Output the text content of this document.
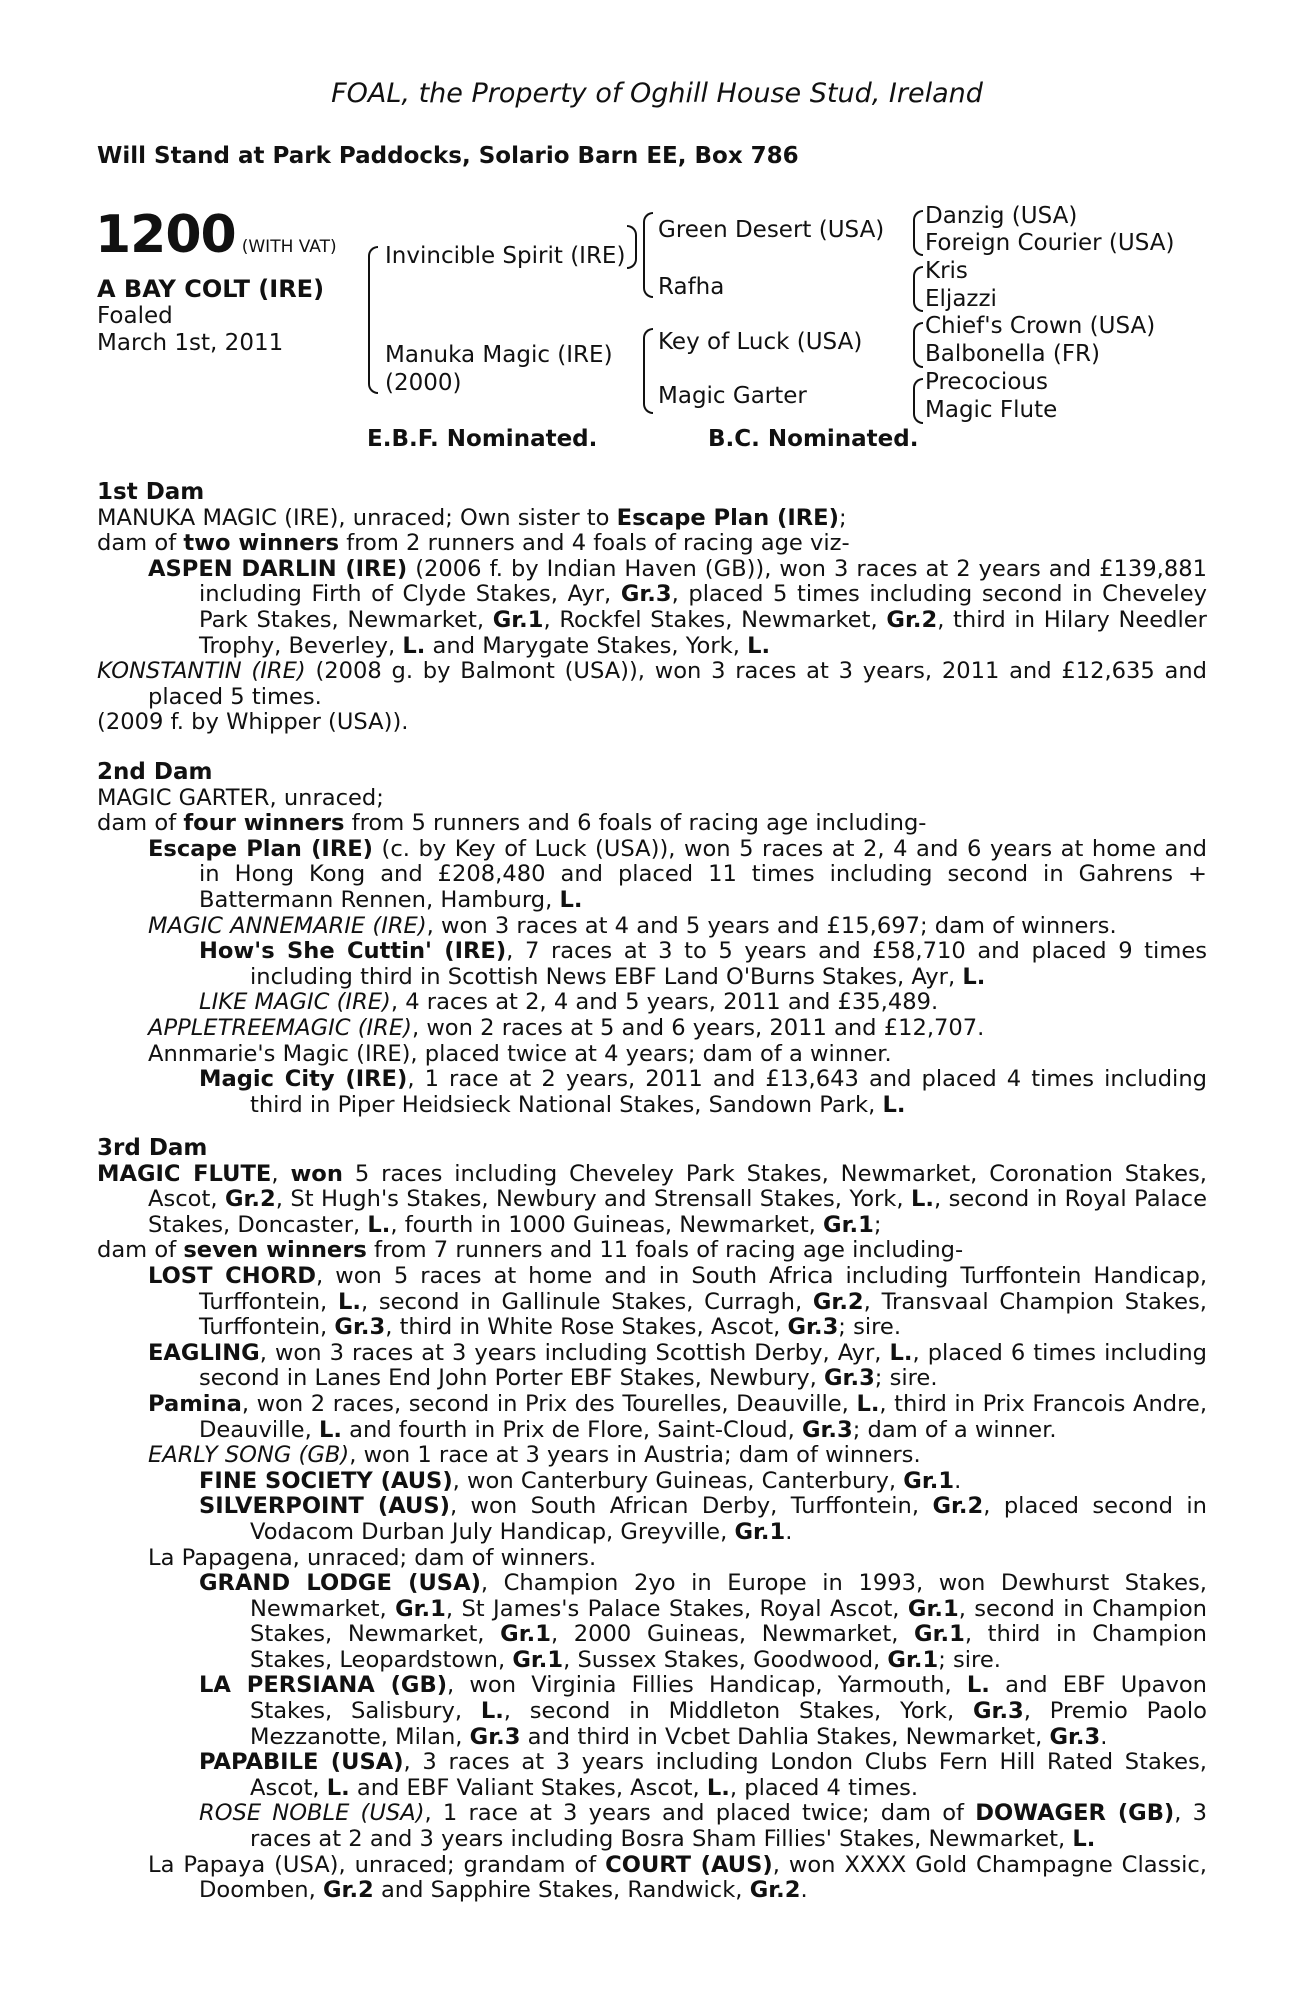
FOAL, the Property of Oghill House Stud, Ireland
Will Stand at Park Paddocks, Solario Barn EE, Box 786
1200 (WITH VAT)
A BAY COLT (IRE)
Foaled
March 1st, 2011
Invincible Spirit (IRE)
Manuka Magic (IRE)
(2000)
Green Desert (USA)
Rafha
Key of Luck (USA)
Magic Garter
Danzig (USA)
Foreign Courier (USA)
Kris
Eljazzi
Chief's Crown (USA)
Balbonella (FR)
Precocious
Magic Flute
E.B.F. Nominated.	B.C. Nominated.
1st Dam

MANUKA MAGIC (IRE), unraced; Own sister to Escape Plan (IRE);

dam of two winners from 2 runners and 4 foals of racing age viz-

ASPEN DARLIN (IRE) (2006 f. by Indian Haven (GB)), won 3 races at 2 years and £139,881 including Firth of Clyde Stakes, Ayr, Gr.3, placed 5 times including second in Cheveley Park Stakes, Newmarket, Gr.1, Rockfel Stakes, Newmarket, Gr.2, third in Hilary Needler Trophy, Beverley, L. and Marygate Stakes, York, L.

KONSTANTIN (IRE) (2008 g. by Balmont (USA)), won 3 races at 3 years, 2011 and £12,635 and placed 5 times.

(2009 f. by Whipper (USA)).

2nd Dam

MAGIC GARTER, unraced;

dam of four winners from 5 runners and 6 foals of racing age including-

Escape Plan (IRE) (c. by Key of Luck (USA)), won 5 races at 2, 4 and 6 years at home and in Hong Kong and £208,480 and placed 11 times including second in Gahrens + Battermann Rennen, Hamburg, L.

MAGIC ANNEMARIE (IRE), won 3 races at 4 and 5 years and £15,697; dam of winners.

How's She Cuttin' (IRE), 7 races at 3 to 5 years and £58,710 and placed 9 times including third in Scottish News EBF Land O'Burns Stakes, Ayr, L.

LIKE MAGIC (IRE), 4 races at 2, 4 and 5 years, 2011 and £35,489.

APPLETREEMAGIC (IRE), won 2 races at 5 and 6 years, 2011 and £12,707.

Annmarie's Magic (IRE), placed twice at 4 years; dam of a winner.

Magic City (IRE), 1 race at 2 years, 2011 and £13,643 and placed 4 times including third in Piper Heidsieck National Stakes, Sandown Park, L.

3rd Dam

MAGIC FLUTE, won 5 races including Cheveley Park Stakes, Newmarket, Coronation Stakes, Ascot, Gr.2, St Hugh's Stakes, Newbury and Strensall Stakes, York, L., second in Royal Palace Stakes, Doncaster, L., fourth in 1000 Guineas, Newmarket, Gr.1;

dam of seven winners from 7 runners and 11 foals of racing age including-

LOST CHORD, won 5 races at home and in South Africa including Turffontein Handicap, Turffontein, L., second in Gallinule Stakes, Curragh, Gr.2, Transvaal Champion Stakes, Turffontein, Gr.3, third in White Rose Stakes, Ascot, Gr.3; sire.

EAGLING, won 3 races at 3 years including Scottish Derby, Ayr, L., placed 6 times including second in Lanes End John Porter EBF Stakes, Newbury, Gr.3; sire.

Pamina, won 2 races, second in Prix des Tourelles, Deauville, L., third in Prix Francois Andre, Deauville, L. and fourth in Prix de Flore, Saint-Cloud, Gr.3; dam of a winner.

EARLY SONG (GB), won 1 race at 3 years in Austria; dam of winners.

FINE SOCIETY (AUS), won Canterbury Guineas, Canterbury, Gr.1.

SILVERPOINT (AUS), won South African Derby, Turffontein, Gr.2, placed second in Vodacom Durban July Handicap, Greyville, Gr.1.

La Papagena, unraced; dam of winners.

GRAND LODGE (USA), Champion 2yo in Europe in 1993, won Dewhurst Stakes, Newmarket, Gr.1, St James's Palace Stakes, Royal Ascot, Gr.1, second in Champion Stakes, Newmarket, Gr.1, 2000 Guineas, Newmarket, Gr.1, third in Champion Stakes, Leopardstown, Gr.1, Sussex Stakes, Goodwood, Gr.1; sire.

LA PERSIANA (GB), won Virginia Fillies Handicap, Yarmouth, L. and EBF Upavon Stakes, Salisbury, L., second in Middleton Stakes, York, Gr.3, Premio Paolo Mezzanotte, Milan, Gr.3 and third in Vcbet Dahlia Stakes, Newmarket, Gr.3.

PAPABILE (USA), 3 races at 3 years including London Clubs Fern Hill Rated Stakes, Ascot, L. and EBF Valiant Stakes, Ascot, L., placed 4 times.

ROSE NOBLE (USA), 1 race at 3 years and placed twice; dam of DOWAGER (GB), 3 races at 2 and 3 years including Bosra Sham Fillies' Stakes, Newmarket, L.

La Papaya (USA), unraced; grandam of COURT (AUS), won XXXX Gold Champagne Classic, Doomben, Gr.2 and Sapphire Stakes, Randwick, Gr.2.
